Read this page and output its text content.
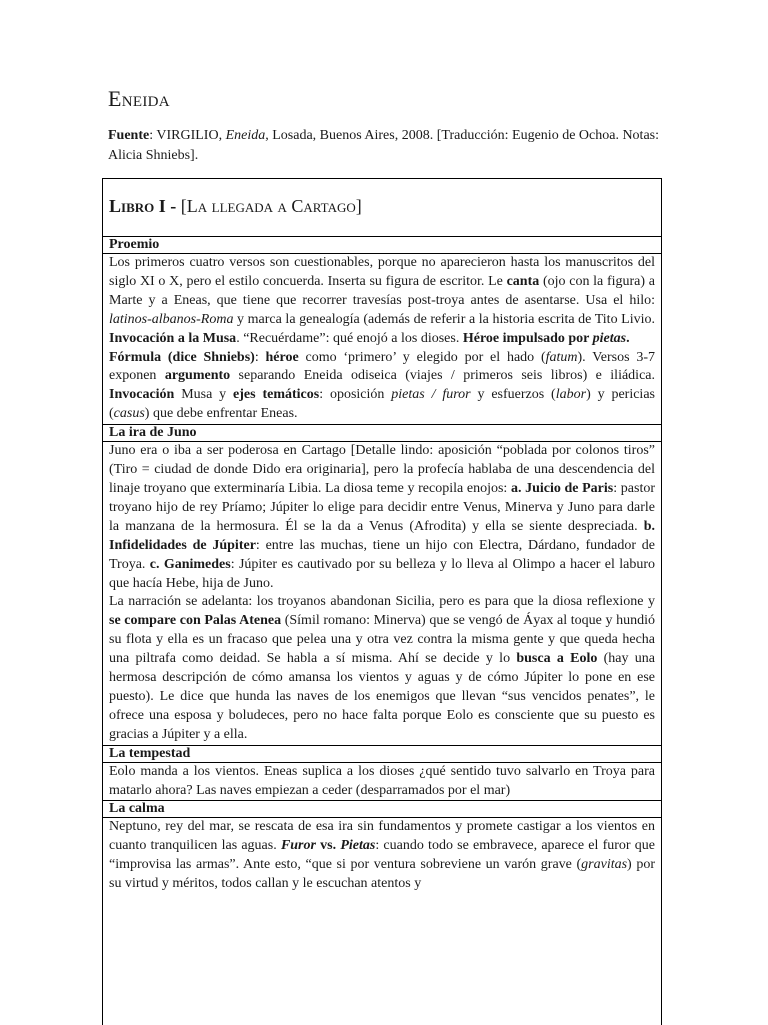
Eneida

Fuente: VIRGILIO, Eneida, Losada, Buenos Aires, 2008. [Traducción: Eugenio de Ochoa. Notas: Alicia Shniebs].

Libro I - [La llegada a Cartago]
Proemio

Los primeros cuatro versos son cuestionables, porque no aparecieron hasta los manuscritos del siglo XI o X, pero el estilo concuerda. Inserta su figura de escritor. Le canta (ojo con la figura) a Marte y a Eneas, que tiene que recorrer travesías post-troya antes de asentarse. Usa el hilo: latinos-albanos-Roma y marca la genealogía (además de referir a la historia escrita de Tito Livio. Invocación a la Musa. “Recuérdame”: qué enojó a los dioses. Héroe impulsado por pietas.

Fórmula (dice Shniebs): héroe como ‘primero’ y elegido por el hado (fatum). Versos 3-7 exponen argumento separando Eneida odiseica (viajes / primeros seis libros) e iliádica. Invocación Musa y ejes temáticos: oposición pietas / furor y esfuerzos (labor) y pericias (casus) que debe enfrentar Eneas.

La ira de Juno

Juno era o iba a ser poderosa en Cartago [Detalle lindo: aposición “poblada por colonos tiros” (Tiro = ciudad de donde Dido era originaria], pero la profecía hablaba de una descendencia del linaje troyano que exterminaría Libia. La diosa teme y recopila enojos: a. Juicio de Paris: pastor troyano hijo de rey Príamo; Júpiter lo elige para decidir entre Venus, Minerva y Juno para darle la manzana de la hermosura. Él se la da a Venus (Afrodita) y ella se siente despreciada. b. Infidelidades de Júpiter: entre las muchas, tiene un hijo con Electra, Dárdano, fundador de Troya. c. Ganimedes: Júpiter es cautivado por su belleza y lo lleva al Olimpo a hacer el laburo que hacía Hebe, hija de Juno.

La narración se adelanta: los troyanos abandonan Sicilia, pero es para que la diosa reflexione y se compare con Palas Atenea (Símil romano: Minerva) que se vengó de Áyax al toque y hundió su flota y ella es un fracaso que pelea una y otra vez contra la misma gente y que queda hecha una piltrafa como deidad. Se habla a sí misma. Ahí se decide y lo busca a Eolo (hay una hermosa descripción de cómo amansa los vientos y aguas y de cómo Júpiter lo pone en ese puesto). Le dice que hunda las naves de los enemigos que llevan “sus vencidos penates”, le ofrece una esposa y boludeces, pero no hace falta porque Eolo es consciente que su puesto es gracias a Júpiter y a ella.

La tempestad

Eolo manda a los vientos. Eneas suplica a los dioses ¿qué sentido tuvo salvarlo en Troya para matarlo ahora? Las naves empiezan a ceder (desparramados por el mar)

La calma

Neptuno, rey del mar, se rescata de esa ira sin fundamentos y promete castigar a los vientos en cuanto tranquilicen las aguas. Furor vs. Pietas: cuando todo se embravece, aparece el furor que “improvisa las armas”. Ante esto, “que si por ventura sobreviene un varón grave (gravitas) por su virtud y méritos, todos callan y le escuchan atentos y
